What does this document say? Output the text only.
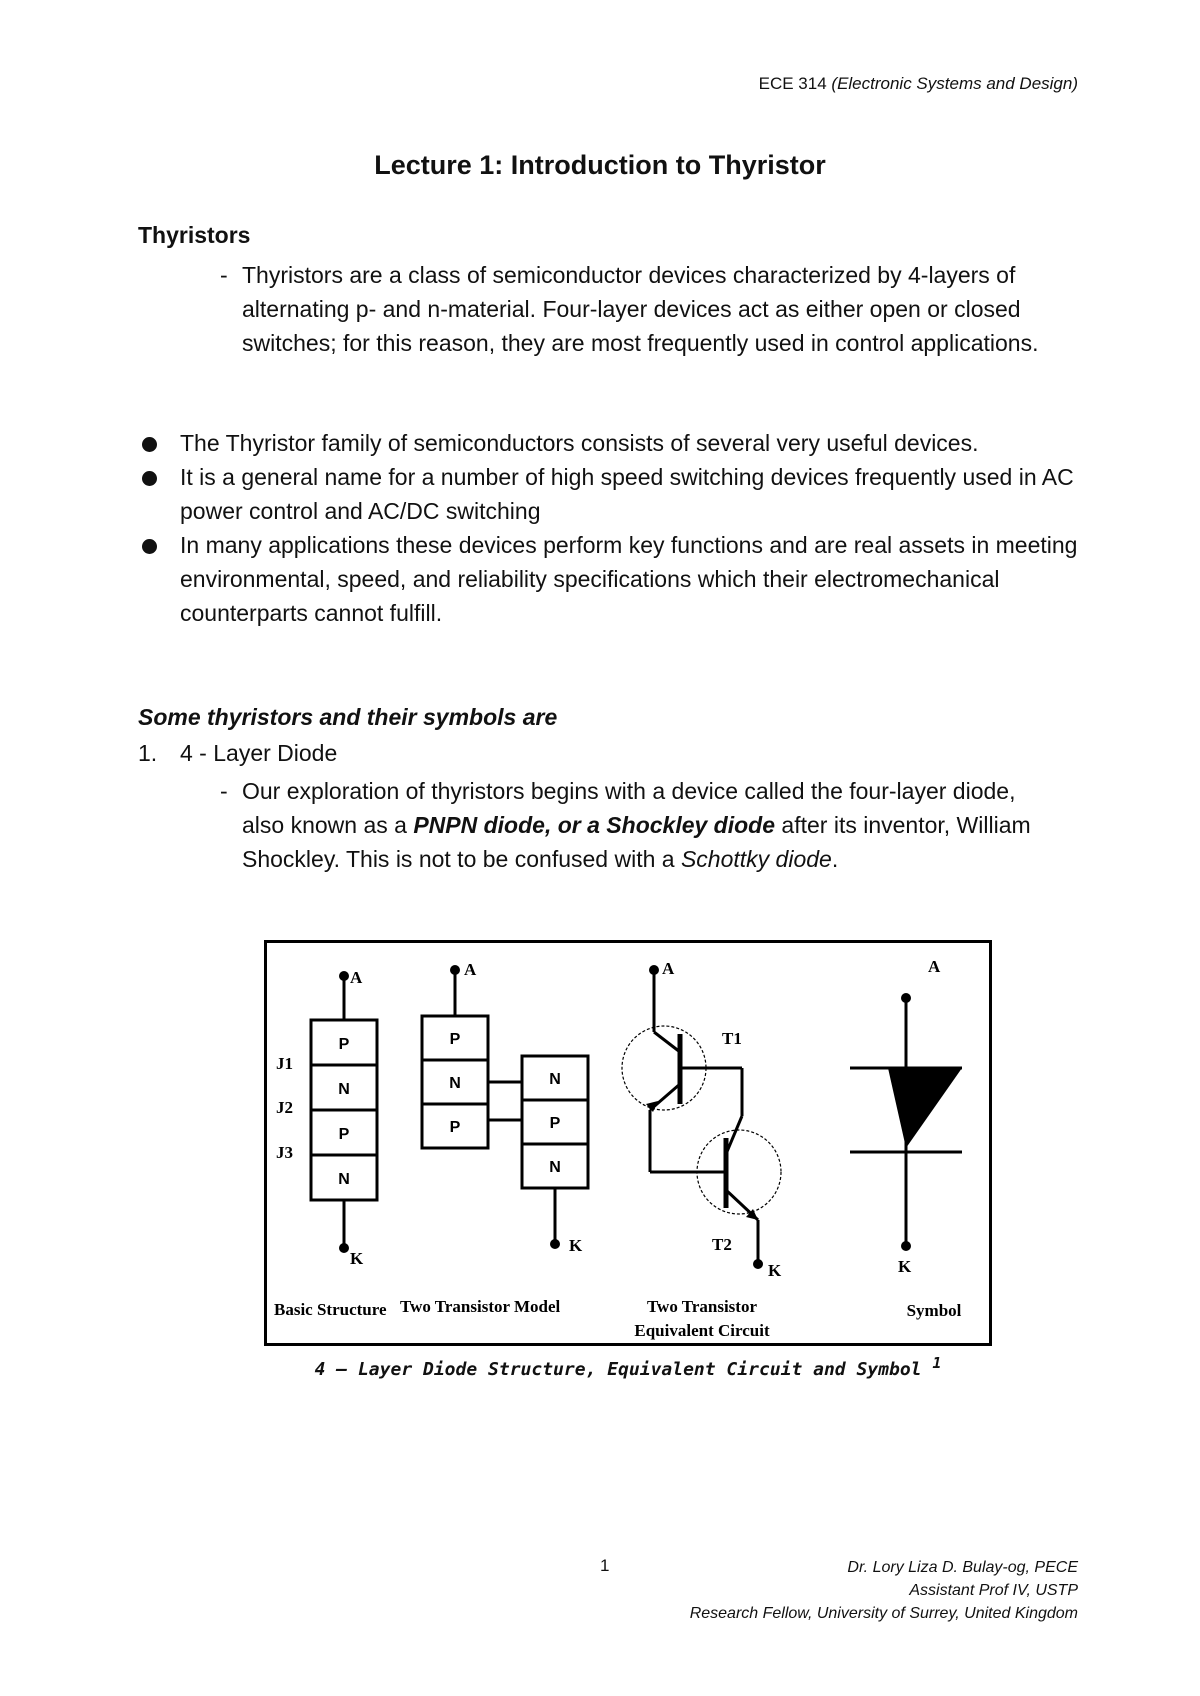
ECE 314 (Electronic Systems and Design)
Lecture 1: Introduction to Thyristor
Thyristors
- Thyristors are a class of semiconductor devices characterized by 4-layers of alternating p- and n-material. Four-layer devices act as either open or closed switches; for this reason, they are most frequently used in control applications.

The Thyristor family of semiconductors consists of several very useful devices.

It is a general name for a number of high speed switching devices frequently used in AC power control and AC/DC switching

In many applications these devices perform key functions and are real assets in meeting environmental, speed, and reliability specifications which their electromechanical counterparts cannot fulfill.

Some thyristors and their symbols are
1. 4 - Layer Diode
- Our exploration of thyristors begins with a device called the four-layer diode, also known as a PNPN diode, or a Shockley diode after its inventor, William Shockley. This is not to be confused with a Schottky diode.
A
K
J1
J2
J3
P
N
P
N
A
K
P
N
P
N
P
N
A
T1
T2
K
A
K
Basic Structure Two Transistor Model	Two Transistor
Equivalent Circuit
Symbol
4 – Layer Diode Structure, Equivalent Circuit and Symbol $^1$
1	Dr. Lory Liza D. Bulay-og, PECE
Assistant Prof IV, USTP
Research Fellow, University of Surrey, United Kingdom
